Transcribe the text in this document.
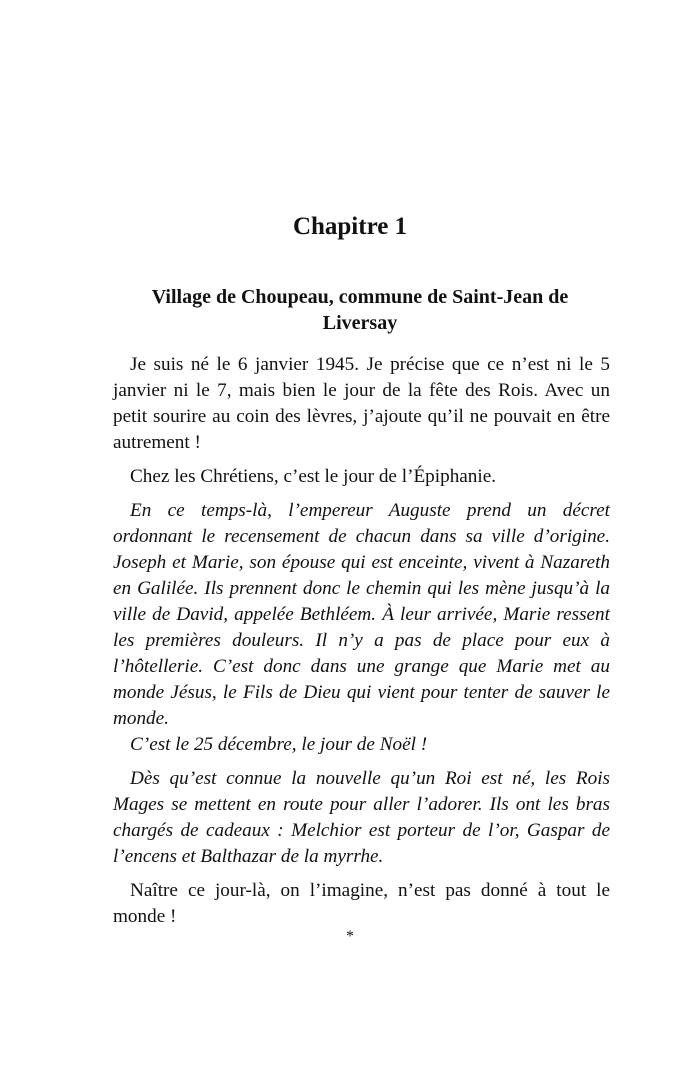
Chapitre 1
Village de Choupeau, commune de Saint-Jean de Liversay

Je suis né le 6 janvier 1945. Je précise que ce n’est ni le 5 janvier ni le 7, mais bien le jour de la fête des Rois. Avec un petit sourire au coin des lèvres, j’ajoute qu’il ne pouvait en être autrement !

Chez les Chrétiens, c’est le jour de l’Épiphanie.

En ce temps-là, l’empereur Auguste prend un décret ordonnant le recensement de chacun dans sa ville d’origine. Joseph et Marie, son épouse qui est enceinte, vivent à Nazareth en Galilée. Ils prennent donc le chemin qui les mène jusqu’à la ville de David, appelée Bethléem. À leur arrivée, Marie ressent les premières douleurs. Il n’y a pas de place pour eux à l’hôtellerie. C’est donc dans une grange que Marie met au monde Jésus, le Fils de Dieu qui vient pour tenter de sauver le monde.

C’est le 25 décembre, le jour de Noël !

Dès qu’est connue la nouvelle qu’un Roi est né, les Rois Mages se mettent en route pour aller l’adorer. Ils ont les bras chargés de cadeaux : Melchior est porteur de l’or, Gaspar de l’encens et Balthazar de la myrrhe.

Naître ce jour-là, on l’imagine, n’est pas donné à tout le monde !

*
